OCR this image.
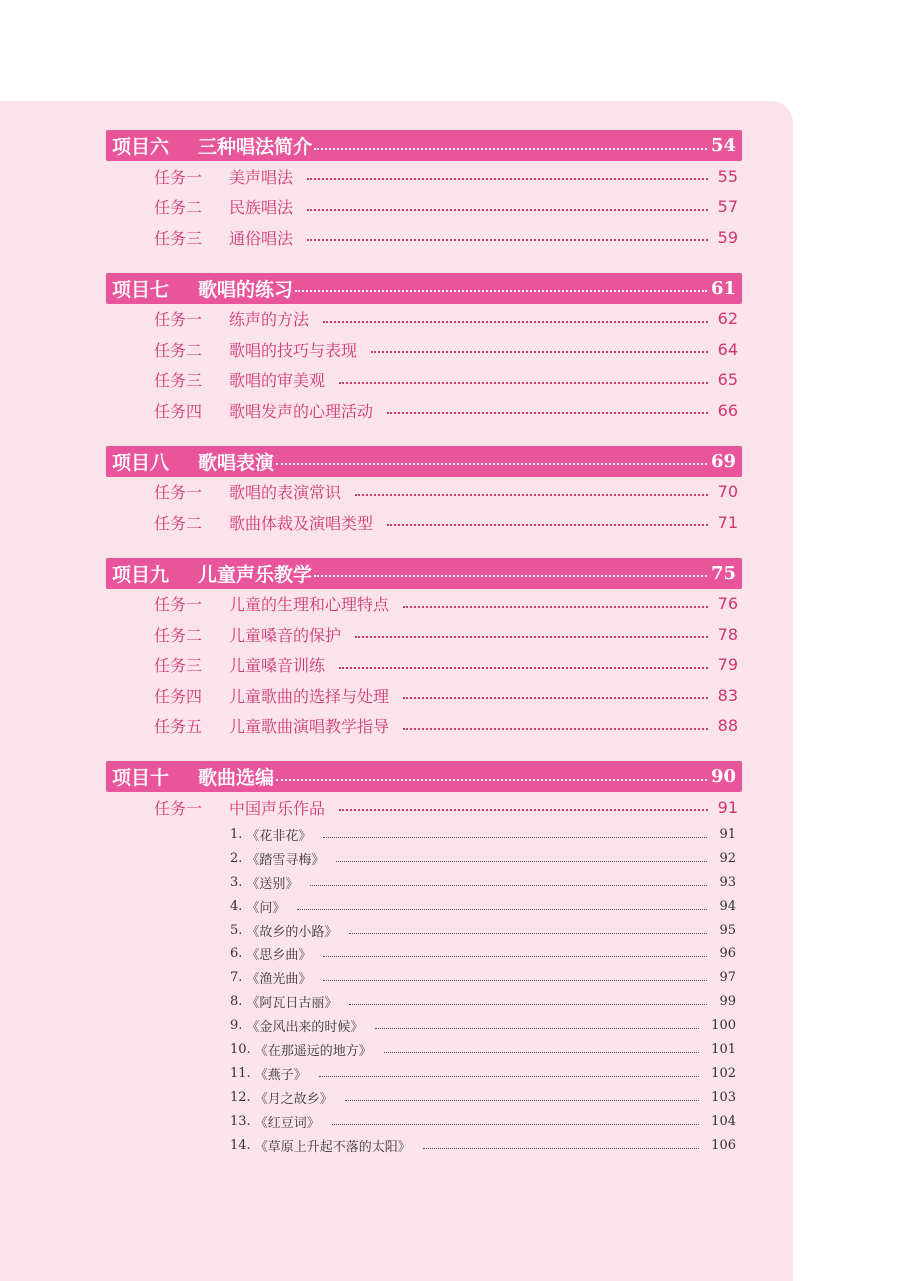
项目六	三种唱法简介	54
任务一	美声唱法	55
任务二	民族唱法	57
任务三	通俗唱法	59
项目七	歌唱的练习	61
任务一	练声的方法	62
任务二	歌唱的技巧与表现	64
任务三	歌唱的审美观	65
任务四	歌唱发声的心理活动	66
项目八	歌唱表演	69
任务一	歌唱的表演常识	70
任务二	歌曲体裁及演唱类型	71
项目九	儿童声乐教学	75
任务一	儿童的生理和心理特点	76
任务二	儿童嗓音的保护	78
任务三	儿童嗓音训练	79
任务四	儿童歌曲的选择与处理	83
任务五	儿童歌曲演唱教学指导	88
项目十	歌曲选编	90
任务一	中国声乐作品	91
1. 《花非花》	91
2. 《踏雪寻梅》	92
3. 《送别》	93
4. 《问》	94
5. 《故乡的小路》	95
6. 《思乡曲》	96
7. 《渔光曲》	97
8. 《阿瓦日古丽》	99
9. 《金风出来的时候》	100
10. 《在那遥远的地方》	101
11. 《燕子》	102
12. 《月之故乡》	103
13. 《红豆词》	104
14. 《草原上升起不落的太阳》	106
